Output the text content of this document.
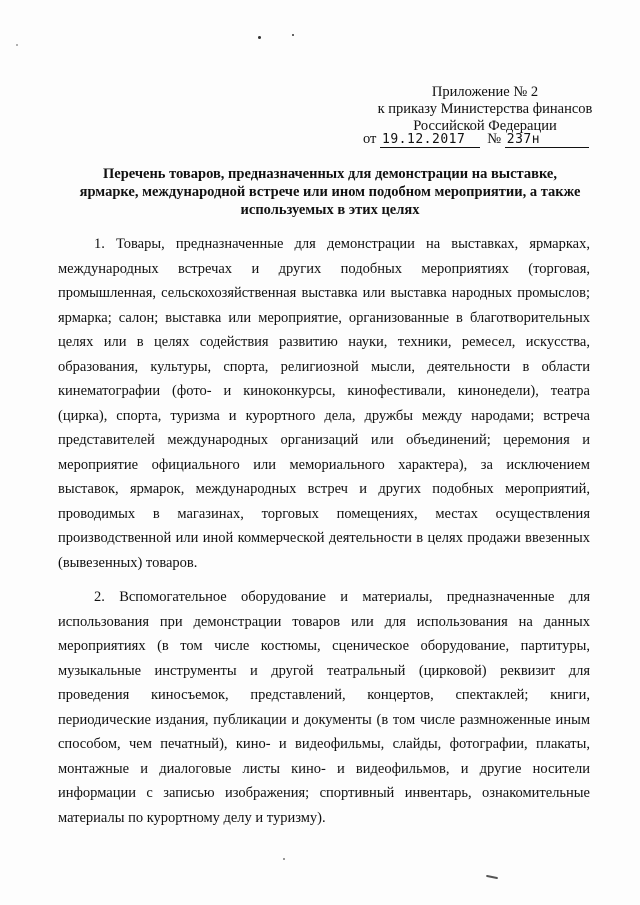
Приложение № 2
к приказу Министерства финансов
Российской Федерации
от 19.12.2017 № 237н
Перечень товаров, предназначенных для демонстрации на выставке,
ярмарке, международной встрече или ином подобном мероприятии, а также
используемых в этих целях

1. Товары, предназначенные для демонстрации на выставках, ярмарках, международных встречах и других подобных мероприятиях (торговая, промышленная, сельскохозяйственная выставка или выставка народных промыслов; ярмарка; салон; выставка или мероприятие, организованные в благотворительных целях или в целях содействия развитию науки, техники, ремесел, искусства, образования, культуры, спорта, религиозной мысли, деятельности в области кинематографии (фото- и киноконкурсы, кинофестивали, кинонедели), театра (цирка), спорта, туризма и курортного дела, дружбы между народами; встреча представителей международных организаций или объединений; церемония и мероприятие официального или мемориального характера), за исключением выставок, ярмарок, международных встреч и других подобных мероприятий, проводимых в магазинах, торговых помещениях, местах осуществления производственной или иной коммерческой деятельности в целях продажи ввезенных (вывезенных) товаров.

2. Вспомогательное оборудование и материалы, предназначенные для использования при демонстрации товаров или для использования на данных мероприятиях (в том числе костюмы, сценическое оборудование, партитуры, музыкальные инструменты и другой театральный (цирковой) реквизит для проведения киносъемок, представлений, концертов, спектаклей; книги, периодические издания, публикации и документы (в том числе размноженные иным способом, чем печатный), кино- и видеофильмы, слайды, фотографии, плакаты, монтажные и диалоговые листы кино- и видеофильмов, и другие носители информации с записью изображения; спортивный инвентарь, ознакомительные материалы по курортному делу и туризму).
